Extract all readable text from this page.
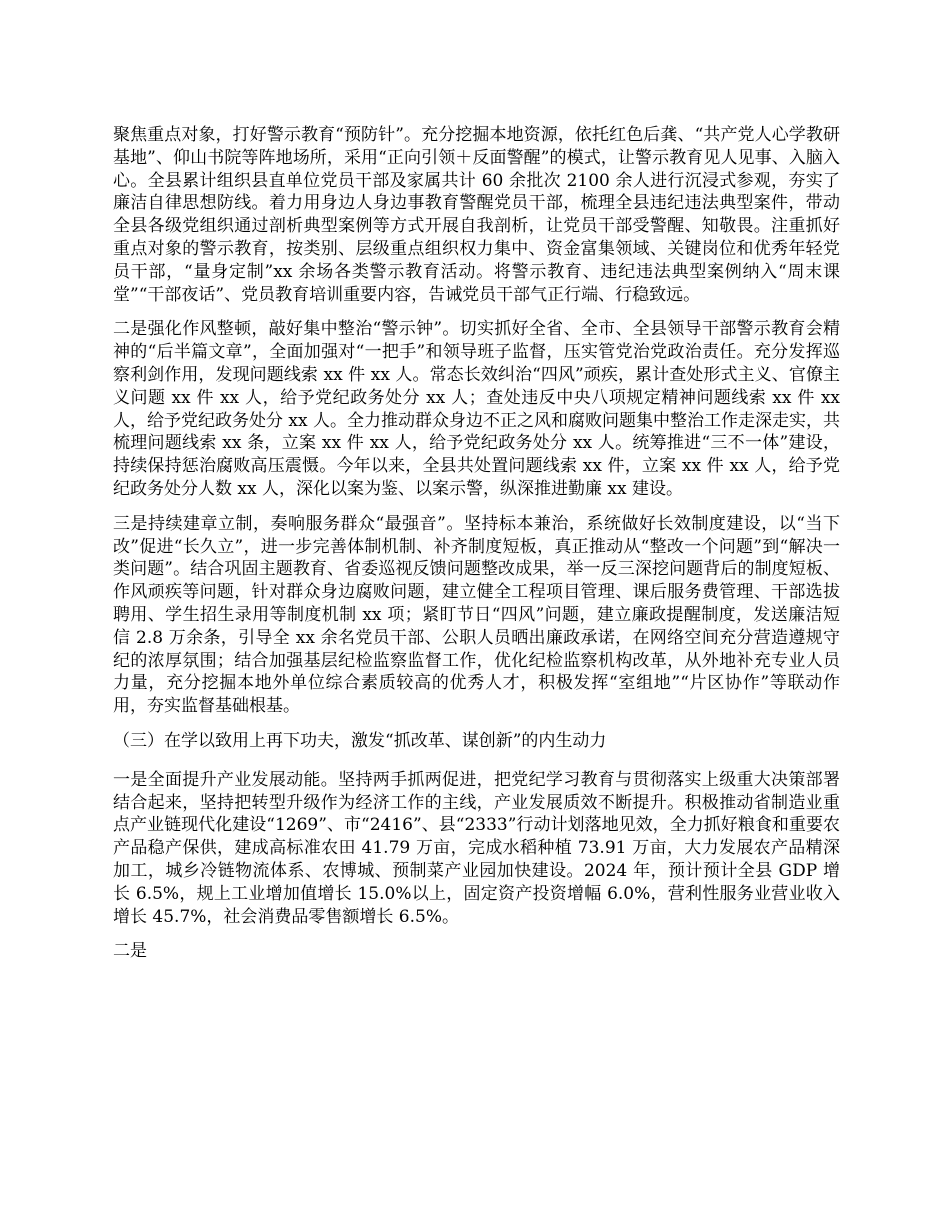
聚焦重点对象，打好警示教育“预防针”。充分挖掘本地资源，依托红色后龚、“共产党人心学教研基地”、仰山书院等阵地场所，采用“正向引领＋反面警醒”的模式，让警示教育见人见事、入脑入心。全县累计组织县直单位党员干部及家属共计 60 余批次 2100 余人进行沉浸式参观，夯实了廉洁自律思想防线。着力用身边人身边事教育警醒党员干部，梳理全县违纪违法典型案件，带动全县各级党组织通过剖析典型案例等方式开展自我剖析，让党员干部受警醒、知敬畏。注重抓好重点对象的警示教育，按类别、层级重点组织权力集中、资金富集领域、关键岗位和优秀年轻党员干部，“量身定制”xx 余场各类警示教育活动。将警示教育、违纪违法典型案例纳入“周末课堂”“干部夜话”、党员教育培训重要内容，告诫党员干部气正行端、行稳致远。

二是强化作风整顿，敲好集中整治“警示钟”。切实抓好全省、全市、全县领导干部警示教育会精神的“后半篇文章”，全面加强对“一把手”和领导班子监督，压实管党治党政治责任。充分发挥巡察利剑作用，发现问题线索 xx 件 xx 人。常态长效纠治“四风”顽疾，累计查处形式主义、官僚主义问题 xx 件 xx 人，给予党纪政务处分 xx 人；查处违反中央八项规定精神问题线索 xx 件 xx 人，给予党纪政务处分 xx 人。全力推动群众身边不正之风和腐败问题集中整治工作走深走实，共梳理问题线索 xx 条，立案 xx 件 xx 人，给予党纪政务处分 xx 人。统筹推进“三不一体”建设，持续保持惩治腐败高压震慑。今年以来，全县共处置问题线索 xx 件，立案 xx 件 xx 人，给予党纪政务处分人数 xx 人，深化以案为鉴、以案示警，纵深推进勤廉 xx 建设。

三是持续建章立制，奏响服务群众“最强音”。坚持标本兼治，系统做好长效制度建设，以“当下改”促进“长久立”，进一步完善体制机制、补齐制度短板，真正推动从“整改一个问题”到“解决一类问题”。结合巩固主题教育、省委巡视反馈问题整改成果，举一反三深挖问题背后的制度短板、作风顽疾等问题，针对群众身边腐败问题，建立健全工程项目管理、课后服务费管理、干部选拔聘用、学生招生录用等制度机制 xx 项；紧盯节日“四风”问题，建立廉政提醒制度，发送廉洁短信 2.8 万余条，引导全 xx 余名党员干部、公职人员晒出廉政承诺，在网络空间充分营造遵规守纪的浓厚氛围；结合加强基层纪检监察监督工作，优化纪检监察机构改革，从外地补充专业人员力量，充分挖掘本地外单位综合素质较高的优秀人才，积极发挥“室组地”“片区协作”等联动作用，夯实监督基础根基。

（三）在学以致用上再下功夫，激发“抓改革、谋创新”的内生动力

一是全面提升产业发展动能。坚持两手抓两促进，把党纪学习教育与贯彻落实上级重大决策部署结合起来，坚持把转型升级作为经济工作的主线，产业发展质效不断提升。积极推动省制造业重点产业链现代化建设“1269”、市“2416”、县“2333”行动计划落地见效，全力抓好粮食和重要农产品稳产保供，建成高标准农田 41.79 万亩，完成水稻种植 73.91 万亩，大力发展农产品精深加工，城乡冷链物流体系、农博城、预制菜产业园加快建设。2024 年，预计预计全县 GDP 增长 6.5%，规上工业增加值增长 15.0%以上，固定资产投资增幅 6.0%，营利性服务业营业收入增长 45.7%，社会消费品零售额增长 6.5%。

二是
